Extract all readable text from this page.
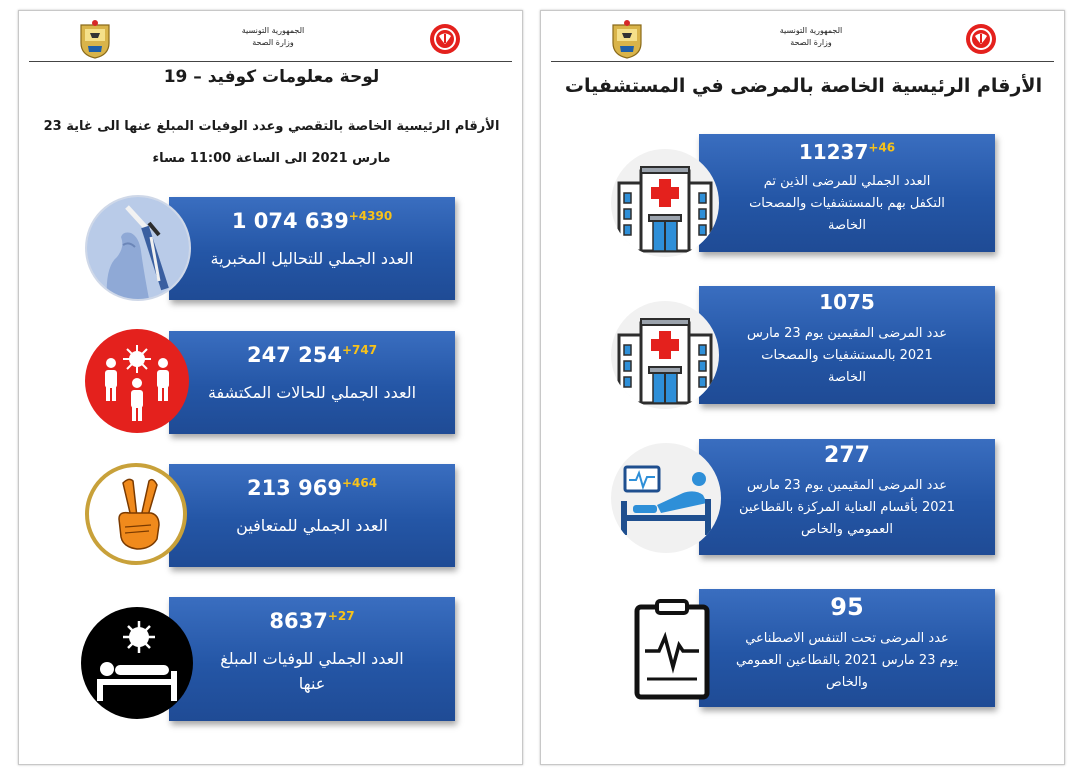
الجمهورية التونسية
وزارة الصحة
لوحة معلومات كوفيد – 19
الأرقام الرئيسية الخاصة بالتقصي وعدد الوفيات المبلغ عنها الى غاية 23
مارس 2021 الى الساعة 11:00 مساء
1 074 $639^{+4390}$
العدد الجملي للتحاليل المخبرية
247 $254^{+747}$
العدد الجملي للحالات المكتشفة
213 $969^{+464}$
العدد الجملي للمتعافين
$8637^{+27}$
العدد الجملي للوفيات المبلغ
عنها
الجمهورية التونسية
وزارة الصحة
الأرقام الرئيسية الخاصة بالمرضى في المستشفيات
$11237^{+46}$
العدد الجملي للمرضى الذين تم
التكفل بهم بالمستشفيات والمصحات
الخاصة
1075
عدد المرضى المقيمين يوم 23 مارس
2021 بالمستشفيات والمصحات
الخاصة
277
عدد المرضى المقيمين يوم 23 مارس
2021 بأقسام العناية المركزة بالقطاعين
العمومي والخاص
95
عدد المرضى تحت التنفس الاصطناعي
يوم 23 مارس 2021 بالقطاعين العمومي
والخاص
